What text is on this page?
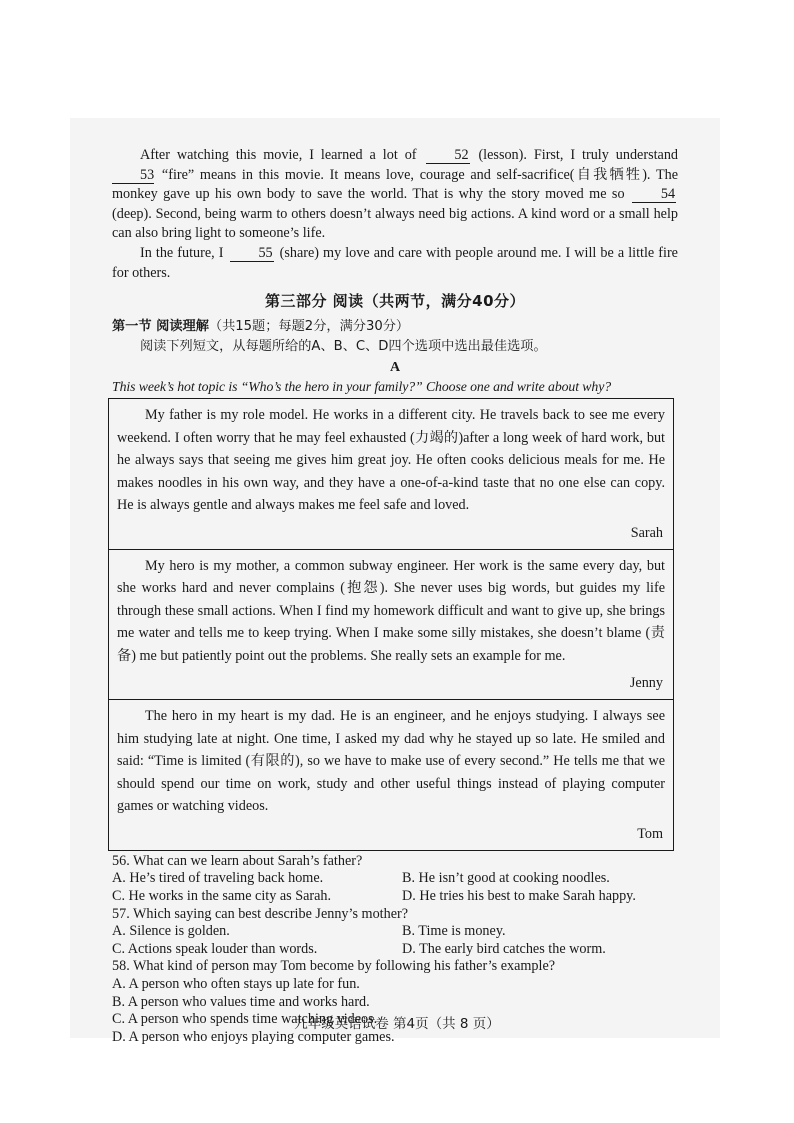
After watching this movie, I learned a lot of	52 (lesson). First, I truly understand 53 “fire” means in this movie. It means love, courage and self-sacrifice(自我牺牲). The monkey gave up his own body to save the world. That is why the story moved me so	54 (deep). Second, being warm to others doesn’t always need big actions. A kind word or a small help can also bring light to someone’s life.

In the future, I 55 (share) my love and care with people around me. I will be a little fire for others.

第三部分 阅读（共两节，满分40分）

第一节 阅读理解（共15题；每题2分，满分30分）

阅读下列短文，从每题所给的A、B、C、D四个选项中选出最佳选项。

A

This week’s hot topic is “Who’s the hero in your family?” Choose one and write about why?

My father is my role model. He works in a different city. He travels back to see me every weekend. I often worry that he may feel exhausted (力竭的)after a long week of hard work, but he always says that seeing me gives him great joy. He often cooks delicious meals for me. He makes noodles in his own way, and they have a one-of-a-kind taste that no one else can copy. He is always gentle and always makes me feel safe and loved.

Sarah

My hero is my mother, a common subway engineer. Her work is the same every day, but she works hard and never complains (抱怨). She never uses big words, but guides my life through these small actions. When I find my homework difficult and want to give up, she brings me water and tells me to keep trying. When I make some silly mistakes, she doesn’t blame (责备) me but patiently point out the problems. She really sets an example for me.

Jenny

The hero in my heart is my dad. He is an engineer, and he enjoys studying. I always see him studying late at night. One time, I asked my dad why he stayed up so late. He smiled and said: “Time is limited (有限的), so we have to make use of every second.” He tells me that we should spend our time on work, study and other useful things instead of playing computer games or watching videos.

Tom

56. What can we learn about Sarah’s father?

A. He’s tired of traveling back home.	B. He isn’t good at cooking noodles.
C. He works in the same city as Sarah.	D. He tries his best to make Sarah happy.

57. Which saying can best describe Jenny’s mother?

A. Silence is golden.	B. Time is money.
C. Actions speak louder than words.	D. The early bird catches the worm.

58. What kind of person may Tom become by following his father’s example?

A. A person who often stays up late for fun.
B. A person who values time and works hard.
C. A person who spends time watching videos.
D. A person who enjoys playing computer games.
九年级英语试卷 第4页（共 8 页）
